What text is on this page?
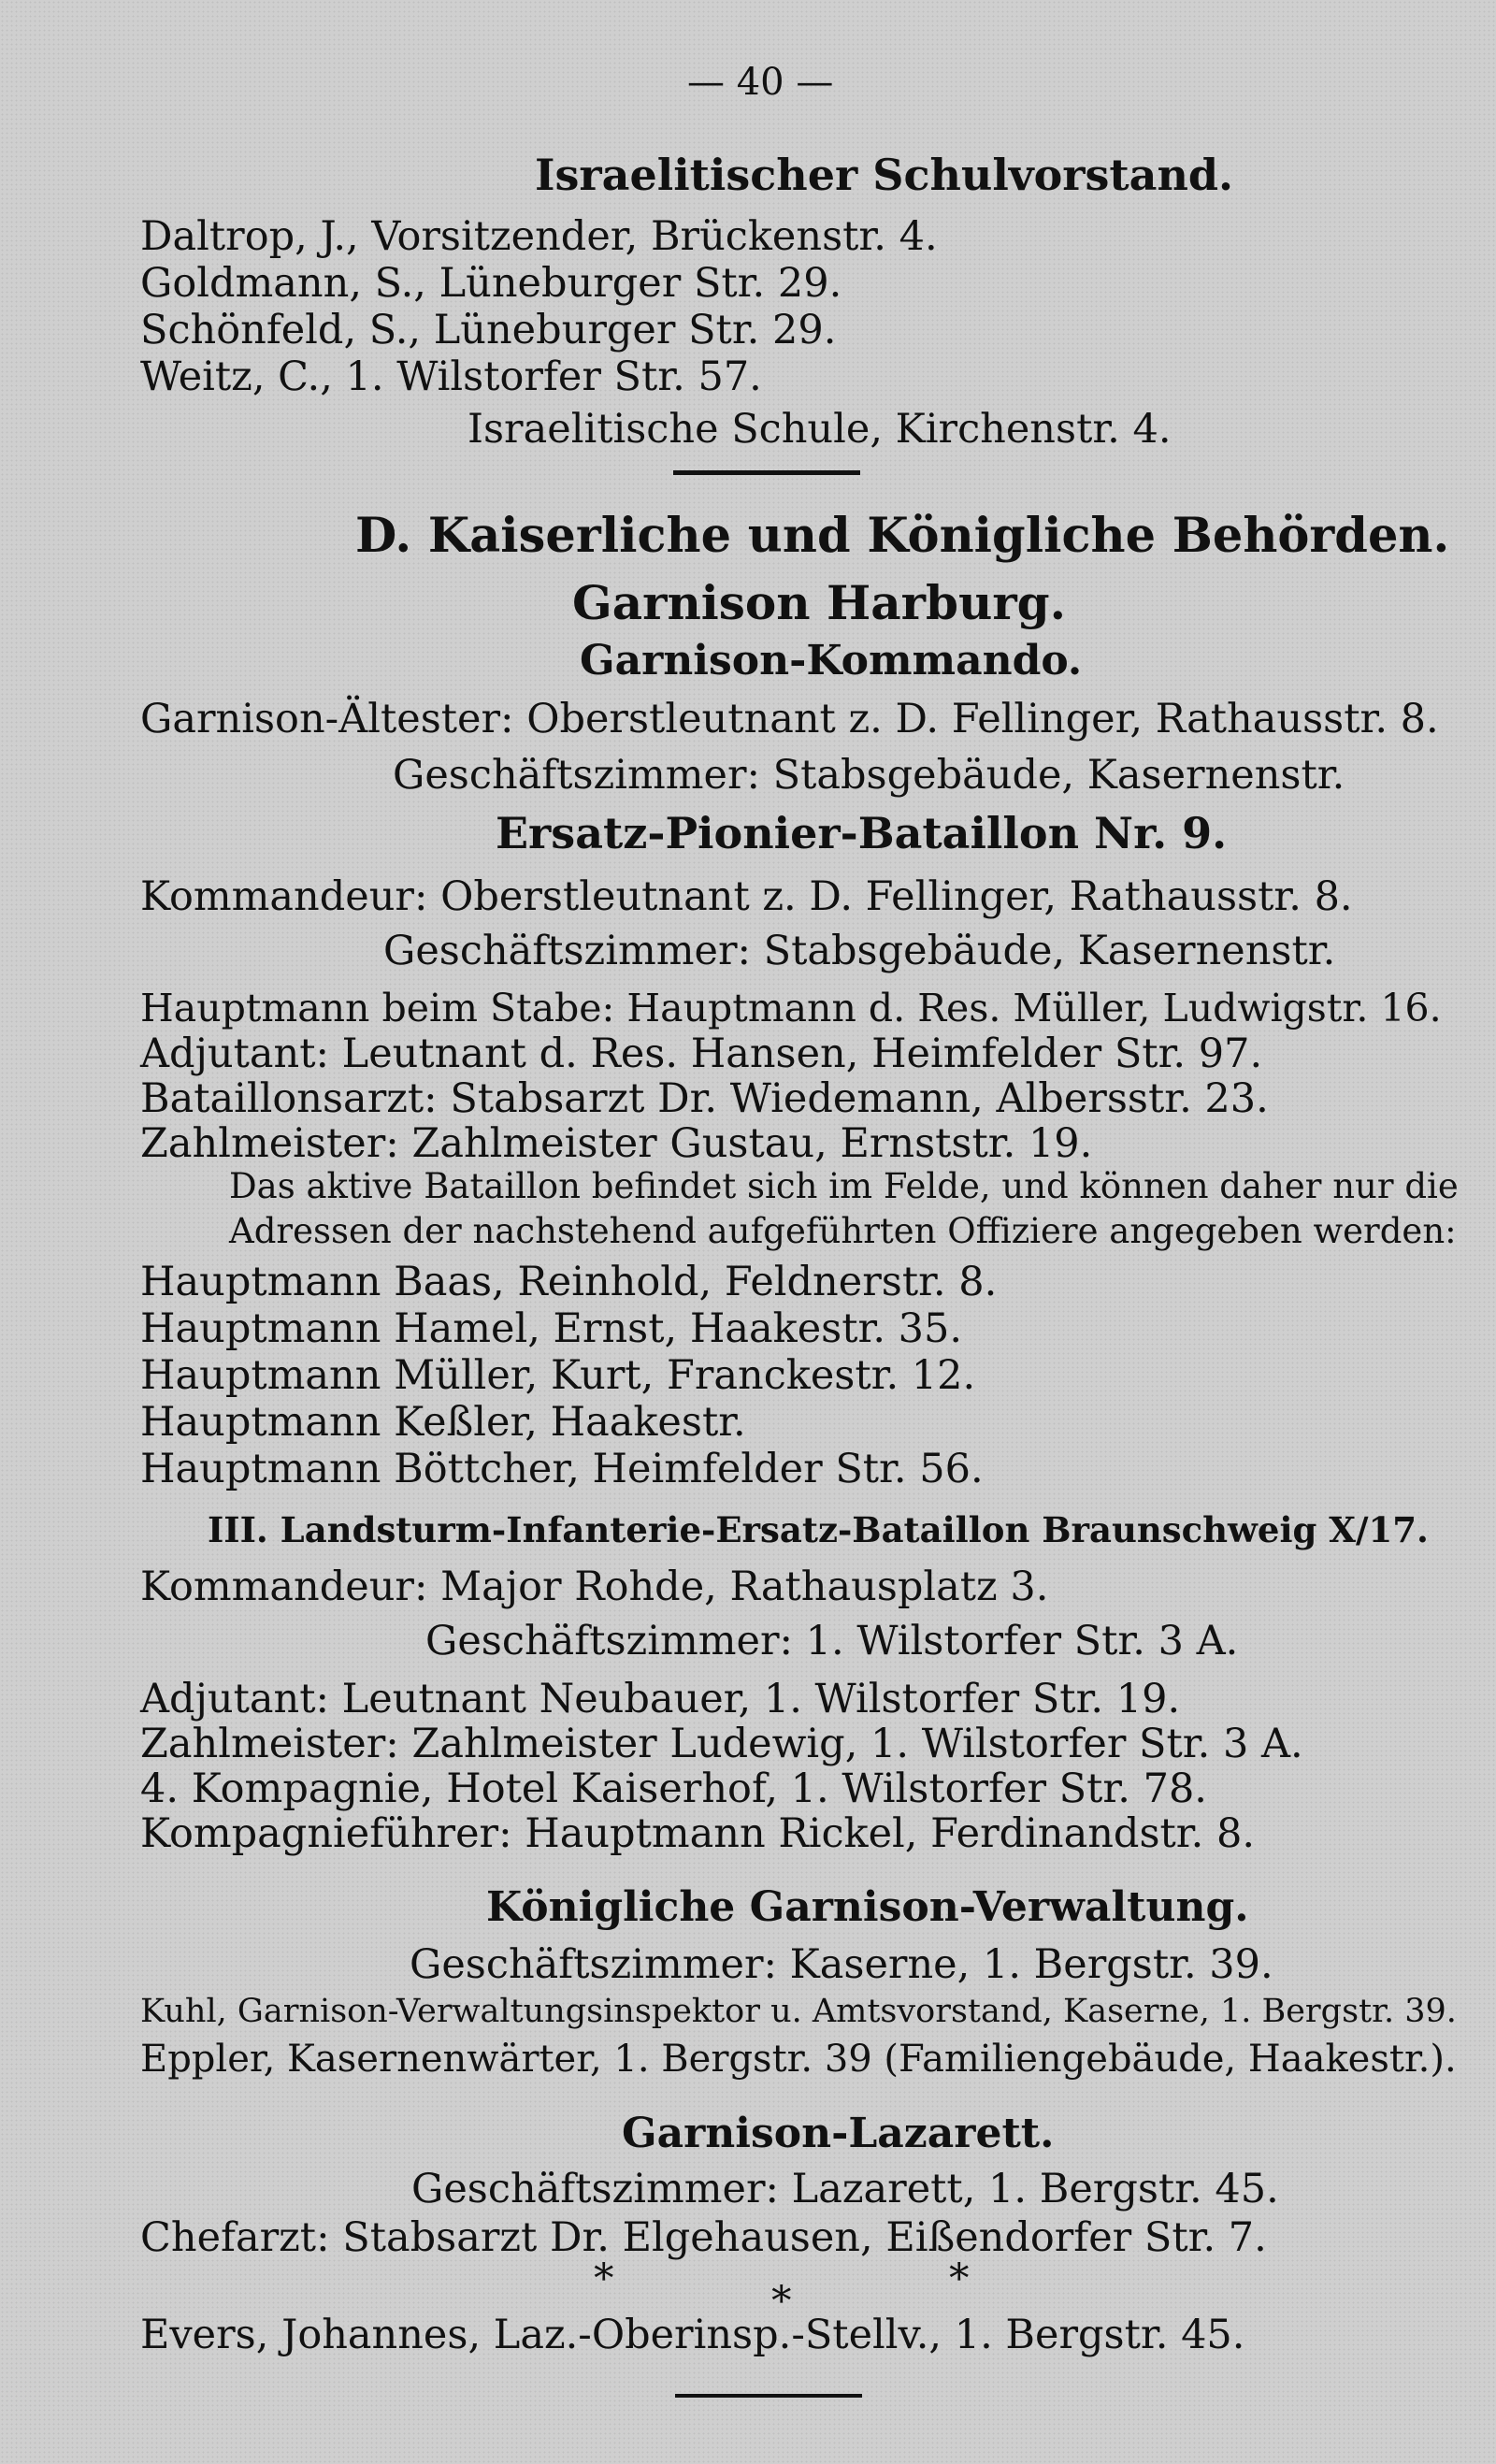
— 40 —
Israelitischer Schulvorstand.
Daltrop, J., Vorsitzender, Brückenstr. 4.
Goldmann, S., Lüneburger Str. 29.
Schönfeld, S., Lüneburger Str. 29.
Weitz, C., 1. Wilstorfer Str. 57.
Israelitische Schule, Kirchenstr. 4.
D. Kaiserliche und Königliche Behörden.
Garnison Harburg.
Garnison-Kommando.
Garnison-Ältester: Oberstleutnant z. D. Fellinger, Rathausstr. 8.
Geschäftszimmer: Stabsgebäude, Kasernenstr.
Ersatz-Pionier-Bataillon Nr. 9.
Kommandeur: Oberstleutnant z. D. Fellinger, Rathausstr. 8.
Geschäftszimmer: Stabsgebäude, Kasernenstr.
Hauptmann beim Stabe: Hauptmann d. Res. Müller, Ludwigstr. 16.
Adjutant: Leutnant d. Res. Hansen, Heimfelder Str. 97.
Bataillonsarzt: Stabsarzt Dr. Wiedemann, Albersstr. 23.
Zahlmeister: Zahlmeister Gustau, Ernststr. 19.
Das aktive Bataillon befindet sich im Felde, und können daher nur die
Adressen der nachstehend aufgeführten Offiziere angegeben werden:
Hauptmann Baas, Reinhold, Feldnerstr. 8.
Hauptmann Hamel, Ernst, Haakestr. 35.
Hauptmann Müller, Kurt, Franckestr. 12.
Hauptmann Keßler, Haakestr.
Hauptmann Böttcher, Heimfelder Str. 56.
III. Landsturm-Infanterie-Ersatz-Bataillon Braunschweig X/17.
Kommandeur: Major Rohde, Rathausplatz 3.
Geschäftszimmer: 1. Wilstorfer Str. 3 A.
Adjutant: Leutnant Neubauer, 1. Wilstorfer Str. 19.
Zahlmeister: Zahlmeister Ludewig, 1. Wilstorfer Str. 3 A.
4. Kompagnie, Hotel Kaiserhof, 1. Wilstorfer Str. 78.
Kompagnieführer: Hauptmann Rickel, Ferdinandstr. 8.
Königliche Garnison-Verwaltung.
Geschäftszimmer: Kaserne, 1. Bergstr. 39.
Kuhl, Garnison-Verwaltungsinspektor u. Amtsvorstand, Kaserne, 1. Bergstr. 39.
Eppler, Kasernenwärter, 1. Bergstr. 39 (Familiengebäude, Haakestr.).
Garnison-Lazarett.
Geschäftszimmer: Lazarett, 1. Bergstr. 45.
Chefarzt: Stabsarzt Dr. Elgehausen, Eißendorfer Str. 7.
*	*	*
Evers, Johannes, Laz.-Oberinsp.-Stellv., 1. Bergstr. 45.
